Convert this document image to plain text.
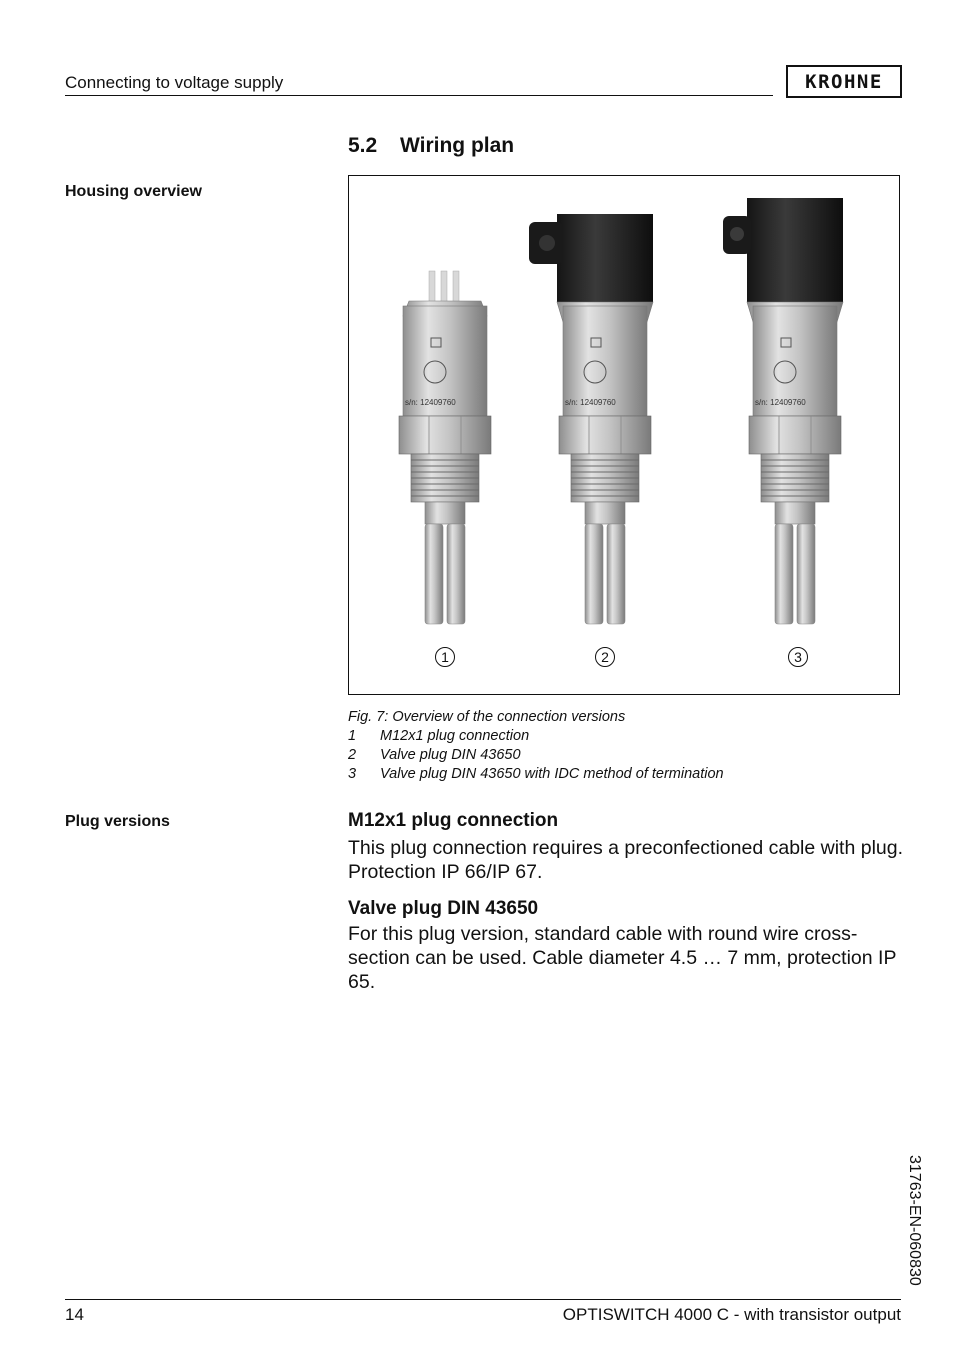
Connecting to voltage supply	KROHNE
5.2 Wiring plan
Housing overview
Plug versions
s/n: 12409760	s/n: 12409760	s/n: 12409760
1	2	3
Fig. 7: Overview of the connection versions
1	M12x1 plug connection
2	Valve plug DIN 43650
3	Valve plug DIN 43650 with IDC method of termination
M12x1 plug connection
This plug connection requires a preconfectioned cable with plug. Protection IP 66/IP 67.
Valve plug DIN 43650
For this plug version, standard cable with round wire cross-section can be used. Cable diameter 4.5 … 7 mm, protection IP 65.
31763-EN-060830
14	OPTISWITCH 4000 C - with transistor output
